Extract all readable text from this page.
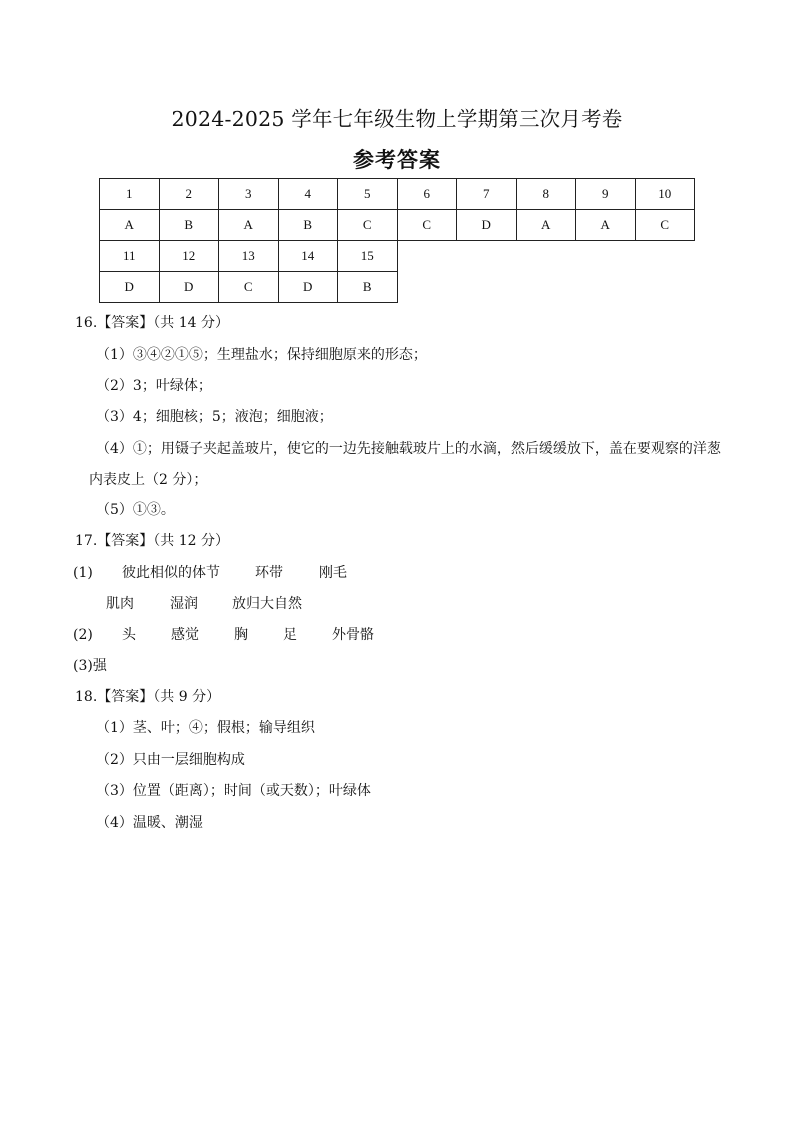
2024-2025 学年七年级生物上学期第三次月考卷
参考答案
1	2	3	4	5	6	7	8	9	10
A	B	A	B	C	C	D	A	A	C
11	12	13	14	15					
D	D	C	D	B					
16.【答案】（共 14 分）
（1）③④②①⑤；生理盐水；保持细胞原来的形态；
（2）3；叶绿体；
（3）4；细胞核；5；液泡；细胞液；
（4）①；用镊子夹起盖玻片，使它的一边先接触载玻片上的水滴，然后缓缓放下，盖在要观察的洋葱
内表皮上（2 分）；
（5）①③。
17.【答案】（共 12 分）
(1) 彼此相似的体节	环带	刚毛
肌肉	湿润 放归大自然
(2) 头	感觉	胸	足	外骨骼
(3)强
18.【答案】（共 9 分）
（1）茎、叶；④；假根；输导组织
（2）只由一层细胞构成
（3）位置（距离）；时间（或天数）；叶绿体
（4）温暖、潮湿
